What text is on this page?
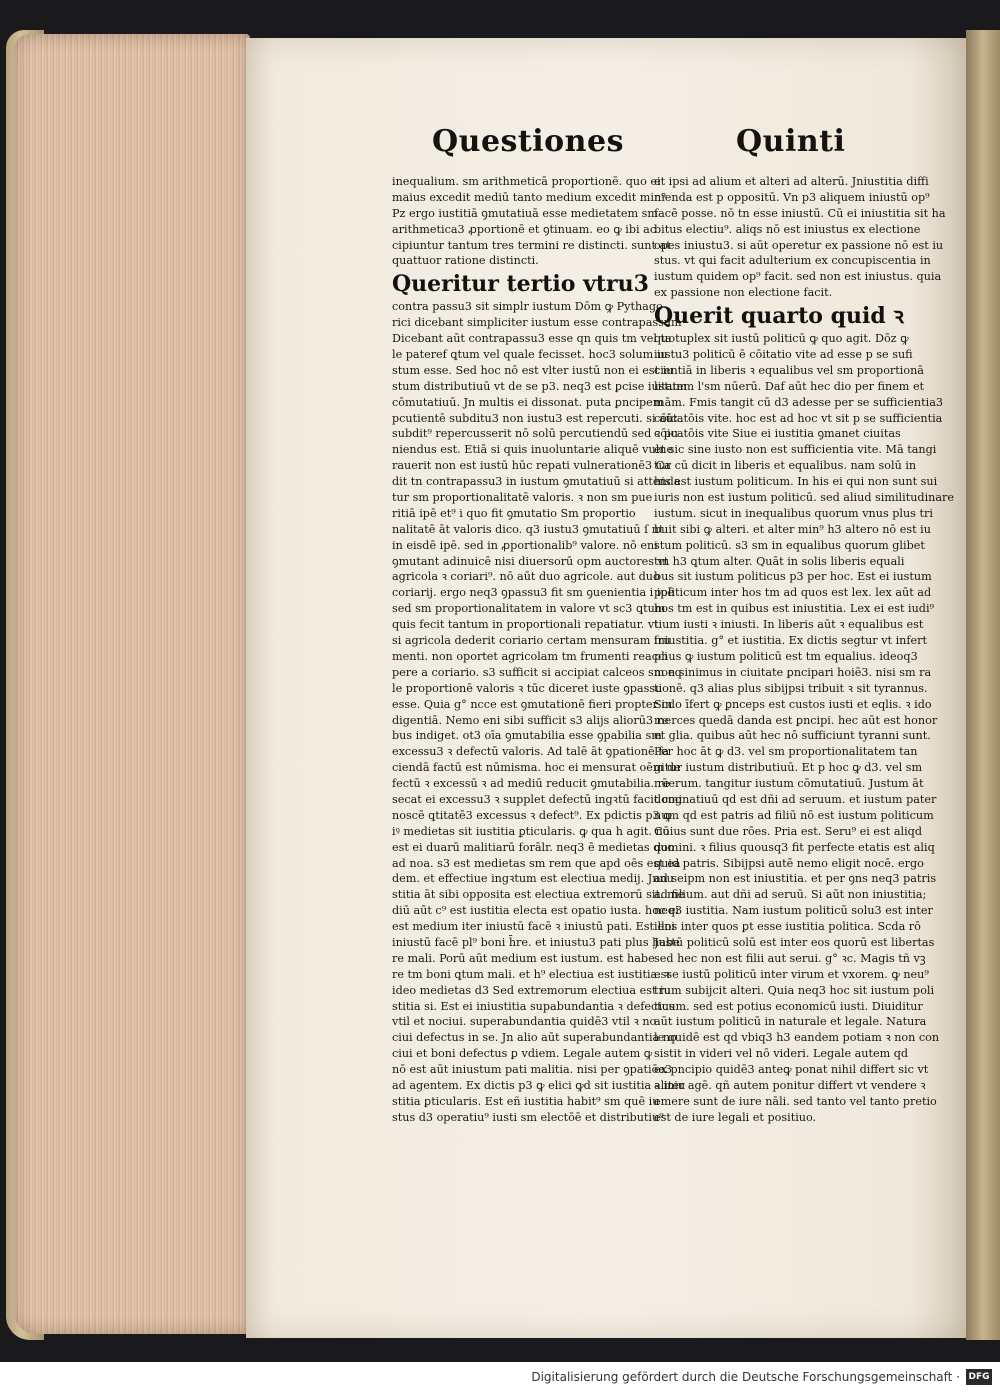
Questiones	Quinti
inequalium. sm arithmeticā proportionē. quo ei
maius excedit mediū tanto medium excedit min⁹
Pz ergo iustitiā ꝯmutatiuā esse medietatem sm
arithmetica3 ꝓportionē et ꝯtinuam. eo ꝙ ibi ac
cipiuntur tantum tres termini re distincti. sunt at
quattuor ratione distincti.
Queritur tertio vtru3
contra passu3 sit simplr iustum Dōm ꝙ Pythago
rici dicebant simpliciter iustum esse contrapassum
Dicebant aūt contrapassu3 esse qn quis tm vel ta
le pateref ꝗtum vel quale fecisset. hoc3 solum iu
stum esse. Sed hoc nō est vlter iustū non ei est iu
stum distributiuū vt de se p3. neq3 est ꝑcise iustum
cōmutatiuū. Jn multis ei dissonat. puta ꝑncipem
pcutientē subditu3 non iustu3 est repercuti. si aūt
subdit⁹ repercusserit nō solū percutiendū sed ꝛ pu
niendus est. Etiā si quis inuoluntarie aliquē vulne
rauerit non est iustū hūc repati vulnerationē3 Ca
dit tn contrapassu3 in iustum ꝯmutatiuū si attenda
tur sm proportionalitatē valoris. ꝛ non sm pue
ritiā ipē et⁹ i quo fit ꝯmutatio Sm proportio
nalitatē āt valoris dico. q3 iustu3 ꝯmutatiuū ſ nt
in eisdē ipē. sed in ꝓportionalib⁹ valore. nō eni
ꝯmutant adinuicē nisi diuersorū opm auctores vt
agricola ꝛ coriari⁹. nō aūt duo agricole. aut duo
coriarij. ergo neq3 ꝯpassu3 fit sm ꝯuenientia i ipē
sed sm proportionalitatem in valore vt sc3 ꝗtum
quis fecit tantum in proportionali repatiatur. vt
si agricola dederit coriario certam mensuram fru
menti. non oportet agricolam tm frumenti reacci
pere a coriario. s3 sufficit si accipiat calceos sm eq
le proportionē valoris ꝛ tūc diceret iuste ꝯpassu
esse. Quia g° ncce est ꝯmutationē fieri propter in
digentiā. Nemo eni sibi sufficit s3 alijs aliorū3 re
bus indiget. ot3 oīa ꝯmutabilia esse ꝯpabilia sm
excessu3 ꝛ defectū valoris. Ad talē āt ꝯpationē fa
ciendā factū est nūmisma. hoc ei mensurat oēm de
fectū ꝛ excessū ꝛ ad mediū reducit ꝯmutabilia. re
secat ei excessu3 ꝛ supplet defectū ingꝛtū facit cog
noscē ꝗtitatē3 excessus ꝛ defect⁹. Ex pdictis p3 ꝙ
iꝰ medietas sit iustitia ꝑticularis. ꝙ qua h agit. nō
est ei duarū malitiarū forālr. neq3 ē medietas quo
ad noa. s3 est medietas sm rem que apd oēs est ea
dem. et effectiue ingꝛtum est electiua medij. Jnnu
stitia āt sibi opposita est electiua extremorū sit. me
diū aūt c⁹ est iustitia electa est opatio iusta. hoc ei
est medium iter iniustū facē ꝛ iniustū pati. Est eni
iniustū facē pl⁹ boni h̄re. et iniustu3 pati plus habe
re mali. Porū aūt medium est iustum. est habe
re tm boni ꝗtum mali. et h⁹ electiua est iustitia. ꝛ
ideo medietas d3 Sed extremorum electiua est iu
stitia si. Est ei iniustitia supabundantia ꝛ defectus
vtil et nociui. superabundantia quidē3 vtil ꝛ no
ciui defectus in se. Jn alio aūt superabundantia no
ciui et boni defectus ꝑ vdiem. Legale autem ꝙ
nō est aūt iniustum pati malitia. nisi per ꝯpatiōe3
ad agentem. Ex dictis p3 ꝙ elici ꝙd sit iustitia ꝛ iniu
stitia ꝑticularis. Est eñ iustitia habit⁹ sm quē iu
stus d3 operatiu⁹ iusti sm electōē et distributiu⁹
et ipsi ad alium et alteri ad alterū. Jniustitia diffi
nienda est p oppositū. Vn p3 aliquem iniustū op⁹
facē posse. nō tn esse iniustū. Cū ei iniustitia sit ha
bitus electiu⁹. aliqs nō est iniustus ex electione
opes iniustu3. si aūt operetur ex passione nō est iu
stus. vt qui facit adulterium ex concupiscentia in
iustum quidem op⁹ facit. sed non est iniustus. quia
ex passione non electione facit.
Querit quarto quid ꝛ
quotuplex sit iustū politicū ꝙ quo agit. Dōz ꝙ
iustu3 politicū ē cōitatio vite ad esse p se sufi
cientiā in liberis ꝛ equalibus vel sm proportionā
litatem l'sm nūerū. Daf aūt hec dio per finem et
mām. Fmis tangit cū d3 adesse per se sufficientia3
cōicatōis vite. hoc est ad hoc vt sit p se sufficientia
cōicatōis vite Siue ei iustitia ꝯmanet ciuitas
et sic sine iusto non est sufficientia vite. Mā tangi
tur cū dicit in liberis et equalibus. nam solū in
his est iustum politicum. In his ei qui non sunt sui
iuris non est iustum politicū. sed aliud similitudinare
iustum. sicut in inequalibus quorum vnus plus tri
buit sibi ꝙ alteri. et alter min⁹ h3 altero nō est iu
stum politicū. s3 sm in equalibus quorum glibet
tm h3 ꝗtum alter. Quāt in solis liberis equali
bus sit iustum politicus p3 per hoc. Est ei iustum
politicum inter hos tm ad quos est lex. lex aūt ad
hos tm est in quibus est iniustitia. Lex ei est iudi⁹
tium iusti ꝛ iniusti. In liberis aūt ꝛ equalibus est
iniustitia. g° et iustitia. Ex dictis segtur vt infert
phus ꝙ iustum politicū est tm equalius. ideoq3
non sinimus in ciuitate ꝑncipari hoiē3. nisi sm ra
tionē. q3 alias plus sibijpsi tribuit ꝛ sit tyrannus.
Scdo īfert ꝙ ꝑnceps est custos iusti et eqlis. ꝛ ido
merces quedā danda est ꝑncipi. hec aūt est honor
et glia. quibus aūt hec nō sufficiunt tyranni sunt.
Per hoc āt ꝙ d3. vel sm proportionalitatem tan
gitur iustum distributiuū. Et p hoc ꝙ d3. vel sm
nūerum. tangitur iustum cōmutatiuū. Justum āt
dominatiuū qd est dñi ad seruum. et iustum pater
num qd est patris ad filiū nō est iustum politicum
Cuius sunt due rōes. Pria est. Seru⁹ ei est aliqd
domini. ꝛ filius quousq3 fit perfecte etatis est aliq
quid patris. Sibijpsi autē nemo eligit nocē. ergo
ad seipm non est iniustitia. et per ꝯns neq3 patris
ad filium. aut dñi ad seruū. Si aūt non iniustitia;
neq3 iustitia. Nam iustum politicū solu3 est inter
illos inter quos ꝑt esse iustitia politica. Scda rō
Justū politicū solū est inter eos quorū est libertas
sed hec non est filii aut serui. g° ꝛc. Magis tñ vꝫ
esse iustū politicū inter virum et vxorem. ꝙ neu⁹
trum subijcit alteri. Quia neq3 hoc sit iustum poli
ticum. sed est potius economicū iusti. Diuiditur
aūt iustum politicū in naturale et legale. Natura
le quidē est qd vbiq3 h3 eandem potiam ꝛ non con
sistit in videri vel nō videri. Legale autem qd
ex pncipio quidē3 anteꝙ ponat nihil differt sic vt
aliter agē. qñ autem ponitur differt vt vendere ꝛ
emere sunt de iure nāli. sed tanto vel tanto pretio
est de iure legali et positiuo.
Digitalisierung gefördert durch die Deutsche Forschungsgemeinschaft · DFG
